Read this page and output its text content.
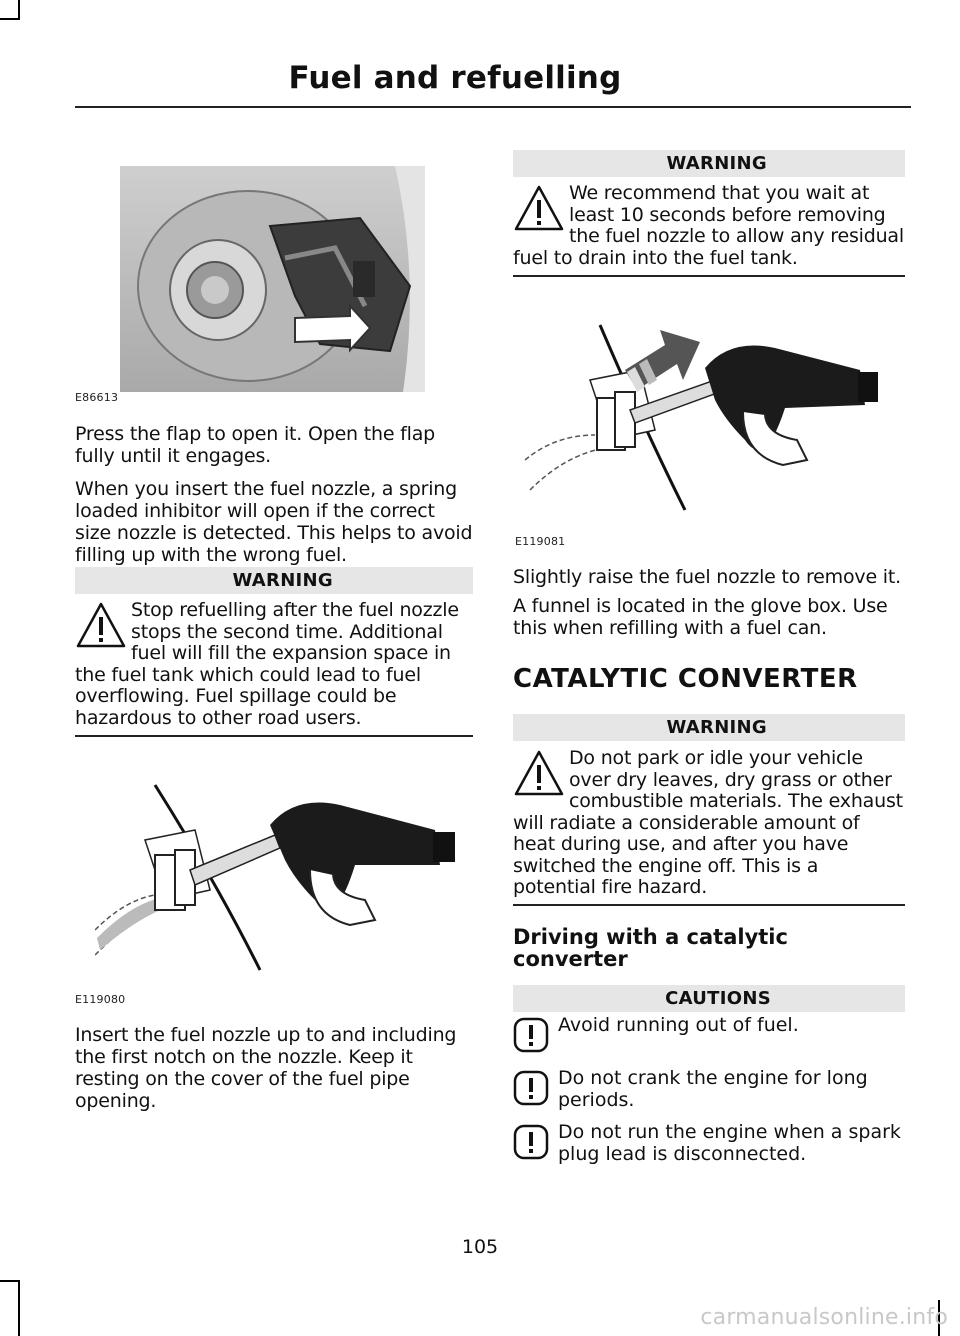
Fuel and refuelling
E86613

Press the flap to open it. Open the flap fully until it engages.

When you insert the fuel nozzle, a spring loaded inhibitor will open if the correct size nozzle is detected. This helps to avoid filling up with the wrong fuel.

WARNING
Stop refuelling after the fuel nozzle stops the second time. Additional fuel will fill the expansion space in the fuel tank which could lead to fuel overflowing. Fuel spillage could be hazardous to other road users.
E119080

Insert the fuel nozzle up to and including the first notch on the nozzle. Keep it resting on the cover of the fuel pipe opening.

WARNING
We recommend that you wait at least 10 seconds before removing the fuel nozzle to allow any residual fuel to drain into the fuel tank.
E119081

Slightly raise the fuel nozzle to remove it.

A funnel is located in the glove box. Use this when refilling with a fuel can.

CATALYTIC CONVERTER
WARNING
Do not park or idle your vehicle over dry leaves, dry grass or other combustible materials. The exhaust will radiate a considerable amount of heat during use, and after you have switched the engine off. This is a potential fire hazard.
Driving with a catalytic converter
CAUTIONS
Avoid running out of fuel.
Do not crank the engine for long periods.
Do not run the engine when a spark plug lead is disconnected.
105
carmanualsonline.info
